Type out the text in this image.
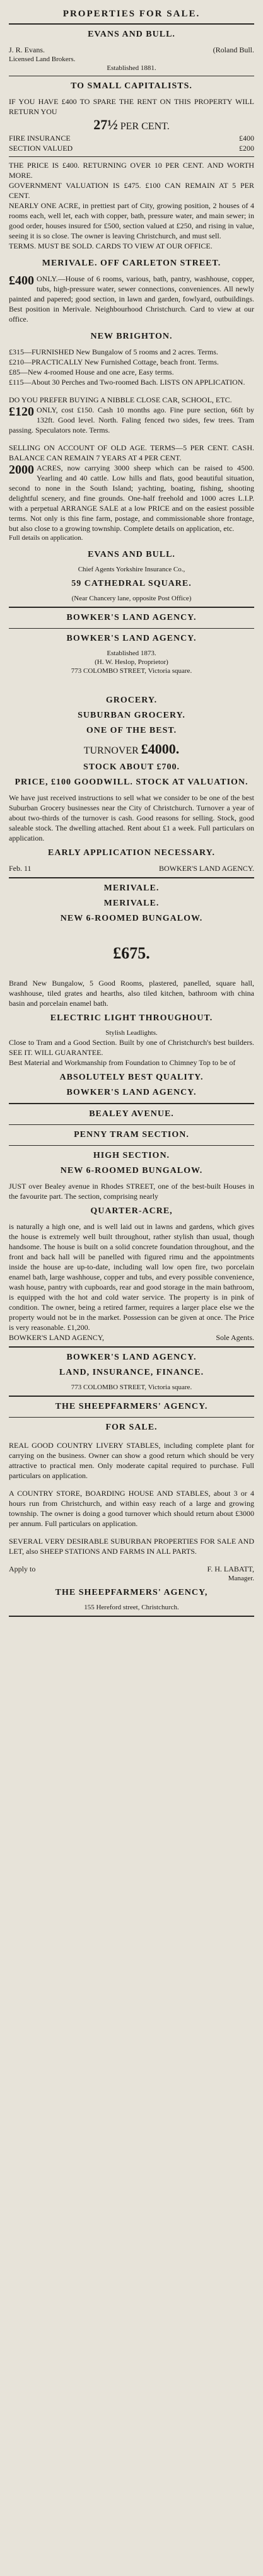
PROPERTIES FOR SALE.
EVANS AND BULL.
J. R. Evans.	(Roland Bull.
Licensed Land Brokers.
Established 1881.
TO SMALL CAPITALISTS.
IF YOU HAVE £400 TO SPARE THE RENT ON THIS PROPERTY WILL RETURN YOU
27½ PER CENT.
FIRE INSURANCE	£400
SECTION VALUED	£200
THE PRICE IS £400. RETURNING OVER 10 PER CENT. AND WORTH MORE.
GOVERNMENT VALUATION IS £475. £100 CAN REMAIN AT 5 PER CENT.
NEARLY ONE ACRE, in prettiest part of City, growing position, 2 houses of 4 rooms each, well let, each with copper, bath, pressure water, and main sewer; in good order, houses insured for £500, section valued at £250, and rising in value, seeing it is so close. The owner is leaving Christchurch, and must sell.
TERMS. MUST BE SOLD. CARDS TO VIEW AT OUR OFFICE.
MERIVALE. OFF CARLETON STREET.
£400 ONLY.—House of 6 rooms, various, bath, pantry, washhouse, copper, tubs, high-pressure water, sewer connections, conveniences. All newly painted and papered; good section, in lawn and garden, fowlyard, outbuildings. Best position in Merivale. Neighbourhood Christchurch. Card to view at our office.
NEW BRIGHTON.
£315—FURNISHED New Bungalow of 5 rooms and 2 acres. Terms.
£210—PRACTICALLY New Furnished Cottage, beach front. Terms.
£85—New 4-roomed House and one acre, Easy terms.
£115—About 30 Perches and Two-roomed Bach. LISTS ON APPLICATION.
DO YOU PREFER BUYING A NIBBLE CLOSE CAR, SCHOOL, ETC.
£120 ONLY, cost £150. Cash 10 months ago. Fine pure section, 66ft by 132ft. Good level. North. Faling fenced two sides, few trees. Tram passing. Speculators note. Terms.
SELLING ON ACCOUNT OF OLD AGE. TERMS—5 PER CENT. CASH. BALANCE CAN REMAIN 7 YEARS AT 4 PER CENT.
2000 ACRES, now carrying 3000 sheep which can be raised to 4500. Yearling and 40 cattle. Low hills and flats, good beautiful situation, second to none in the South Island; yachting, boating, fishing, shooting delightful scenery, and fine grounds. One-half freehold and 1000 acres L.I.P. with a perpetual ARRANGE SALE at a low PRICE and on the easiest possible terms. Not only is this fine farm, postage, and commissionable shore frontage, but also close to a growing township. Complete details on application, etc.
Full details on application.
EVANS AND BULL.
Chief Agents Yorkshire Insurance Co.,
59 CATHEDRAL SQUARE.
(Near Chancery lane, opposite Post Office)
BOWKER'S LAND AGENCY.
BOWKER'S LAND AGENCY.
Established 1873.
(H. W. Heslop, Proprietor)
773 COLOMBO STREET, Victoria square.
GROCERY.
SUBURBAN GROCERY.
ONE OF THE BEST.
TURNOVER £4000.
STOCK ABOUT £700.
PRICE, £100 GOODWILL. STOCK AT VALUATION.
We have just received instructions to sell what we consider to be one of the best Suburban Grocery businesses near the City of Christchurch. Turnover a year of about two-thirds of the turnover is cash. Good reasons for selling. Stock, good saleable stock. The dwelling attached. Rent about £1 a week. Full particulars on application.
EARLY APPLICATION NECESSARY.
Feb. 11	BOWKER'S LAND AGENCY.
MERIVALE.
MERIVALE.
NEW 6-ROOMED BUNGALOW.
£675.
Brand New Bungalow, 5 Good Rooms, plastered, panelled, square hall, washhouse, tiled grates and hearths, also tiled kitchen, bathroom with china basin and porcelain enamel bath.
ELECTRIC LIGHT THROUGHOUT.
Stylish Leadlights.
Close to Tram and a Good Section. Built by one of Christchurch's best builders. SEE IT. WILL GUARANTEE.
Best Material and Workmanship from Foundation to Chimney Top to be of
ABSOLUTELY BEST QUALITY.
BOWKER'S LAND AGENCY.
BEALEY AVENUE.
PENNY TRAM SECTION.
HIGH SECTION.
NEW 6-ROOMED BUNGALOW.
JUST over Bealey avenue in Rhodes STREET, one of the best-built Houses in the favourite part. The section, comprising nearly
QUARTER-ACRE,
is naturally a high one, and is well laid out in lawns and gardens, which gives the house is extremely well built throughout, rather stylish than usual, though handsome. The house is built on a solid concrete foundation throughout, and the front and back hall will be panelled with figured rimu and the appointments inside the house are up-to-date, including wall low open fire, two porcelain enamel bath, large washhouse, copper and tubs, and every possible convenience, wash house, pantry with cupboards, rear and good storage in the main bathroom, is equipped with the hot and cold water service. The property is in pink of condition. The owner, being a retired farmer, requires a larger place else we the property would not be in the market. Possession can be given at once. The Price is very reasonable. £1,200.
BOWKER'S LAND AGENCY,	Sole Agents.
BOWKER'S LAND AGENCY.
LAND, INSURANCE, FINANCE.
773 COLOMBO STREET, Victoria square.
THE SHEEPFARMERS' AGENCY.
FOR SALE.
REAL GOOD COUNTRY LIVERY STABLES, including complete plant for carrying on the business. Owner can show a good return which should be very attractive to practical men. Only moderate capital required to purchase. Full particulars on application.
A COUNTRY STORE, BOARDING HOUSE AND STABLES, about 3 or 4 hours run from Christchurch, and within easy reach of a large and growing township. The owner is doing a good turnover which should return about £3000 per annum. Full particulars on application.
SEVERAL VERY DESIRABLE SUBURBAN PROPERTIES FOR SALE AND LET, also SHEEP STATIONS AND FARMS IN ALL PARTS.
Apply to	F. H. LABATT,
Manager.
THE SHEEPFARMERS' AGENCY,
155 Hereford street, Christchurch.
